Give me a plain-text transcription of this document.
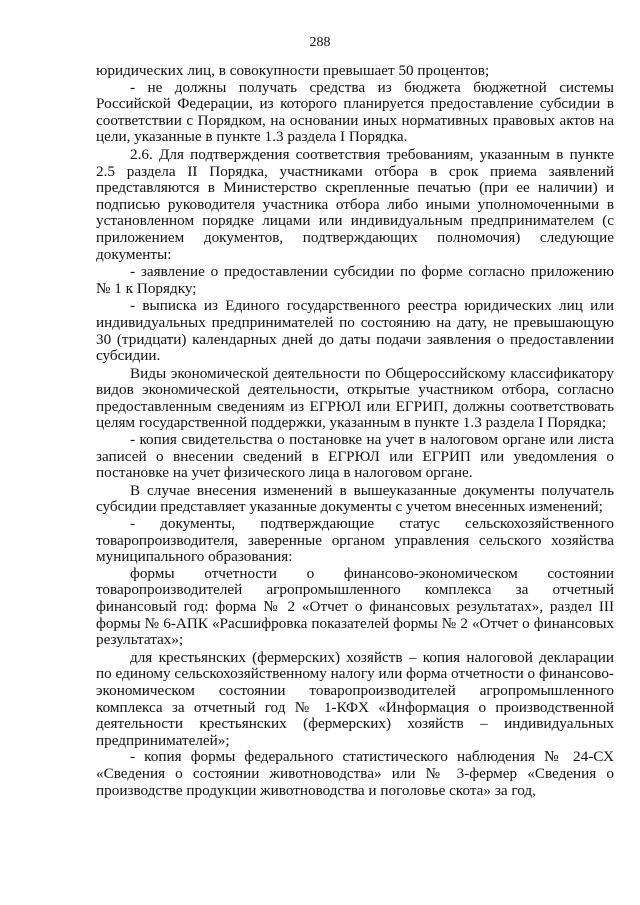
288

юридических лиц, в совокупности превышает 50 процентов;

- не должны получать средства из бюджета бюджетной системы Российской Федерации, из которого планируется предоставление субсидии в соответствии с Порядком, на основании иных нормативных правовых актов на цели, указанные в пункте 1.3 раздела I Порядка.

2.6. Для подтверждения соответствия требованиям, указанным в пункте 2.5 раздела II Порядка, участниками отбора в срок приема заявлений представляются в Министерство скрепленные печатью (при ее наличии) и подписью руководителя участника отбора либо иными уполномоченными в установленном порядке лицами или индивидуальным предпринимателем (с приложением документов, подтверждающих полномочия) следующие документы:

- заявление о предоставлении субсидии по форме согласно приложению № 1 к Порядку;

- выписка из Единого государственного реестра юридических лиц или индивидуальных предпринимателей по состоянию на дату, не превышающую 30 (тридцати) календарных дней до даты подачи заявления о предоставлении субсидии.

Виды экономической деятельности по Общероссийскому классификатору видов экономической деятельности, открытые участником отбора, согласно предоставленным сведениям из ЕГРЮЛ или ЕГРИП, должны соответствовать целям государственной поддержки, указанным в пункте 1.3 раздела I Порядка;

- копия свидетельства о постановке на учет в налоговом органе или листа записей о внесении сведений в ЕГРЮЛ или ЕГРИП или уведомления о постановке на учет физического лица в налоговом органе.

В случае внесения изменений в вышеуказанные документы получатель субсидии представляет указанные документы с учетом внесенных изменений;

- документы, подтверждающие статус сельскохозяйственного товаропроизводителя, заверенные органом управления сельского хозяйства муниципального образования:

формы отчетности о финансово-экономическом состоянии товаропроизводителей агропромышленного комплекса за отчетный финансовый год: форма № 2 «Отчет о финансовых результатах», раздел III формы № 6-АПК «Расшифровка показателей формы № 2 «Отчет о финансовых результатах»;

для крестьянских (фермерских) хозяйств – копия налоговой декларации по единому сельскохозяйственному налогу или форма отчетности о финансово-экономическом состоянии товаропроизводителей агропромышленного комплекса за отчетный год № 1-КФХ «Информация о производственной деятельности крестьянских (фермерских) хозяйств – индивидуальных предпринимателей»;

- копия формы федерального статистического наблюдения № 24-СХ «Сведения о состоянии животноводства» или № 3-фермер «Сведения о производстве продукции животноводства и поголовье скота» за год,
